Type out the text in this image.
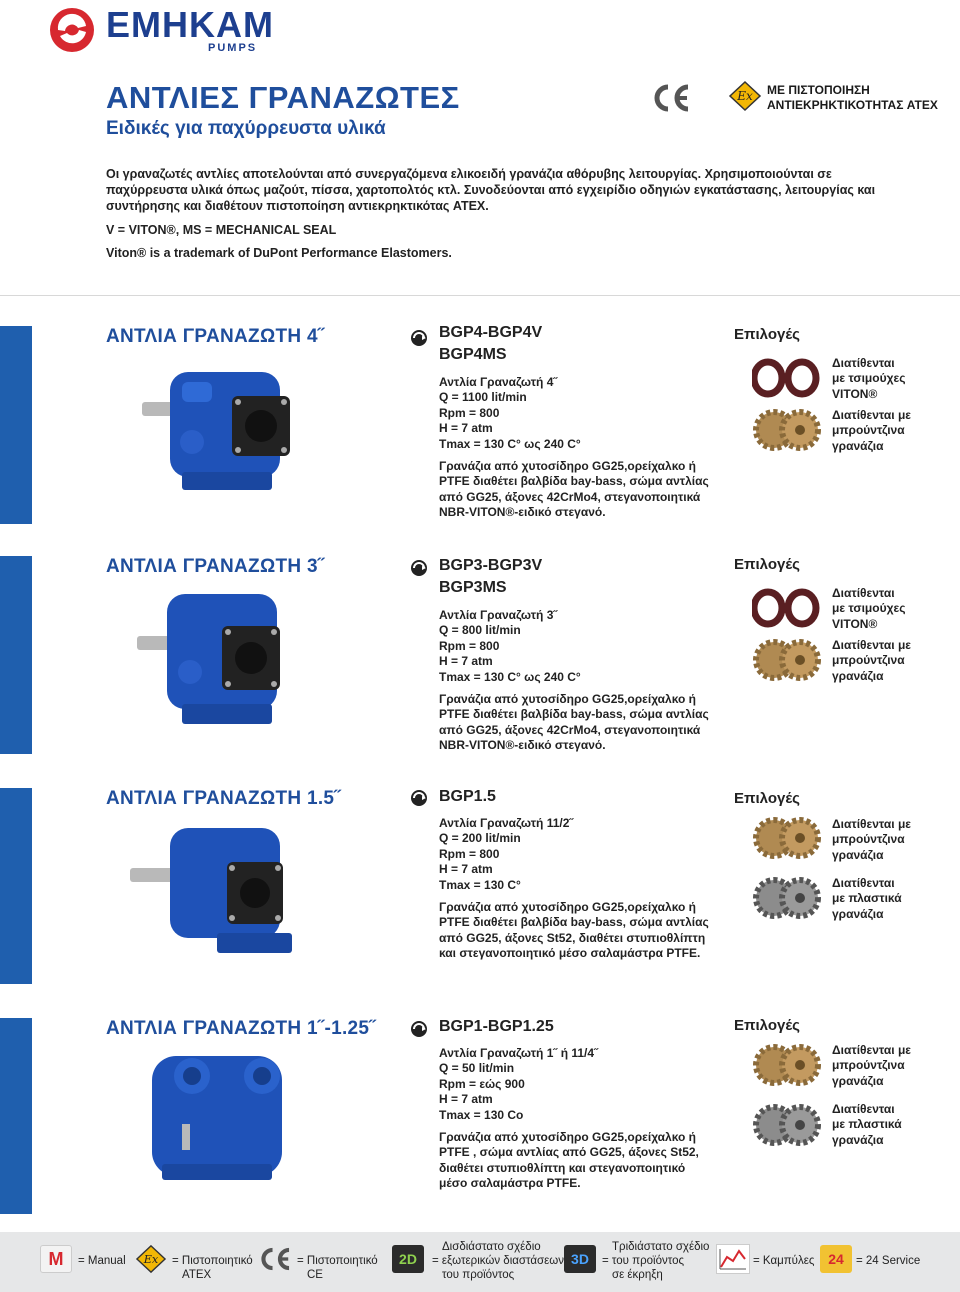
EMHKAM
PUMPS
ΑΝΤΛΙΕΣ ΓΡΑΝΑΖΩΤΕΣ
Ειδικές για παχύρρευστα υλικά
Ex ΜΕ ΠΙΣΤΟΠΟΙΗΣΗ
ΑΝΤΙΕΚΡΗΚΤΙΚΟΤΗΤΑΣ ATEX
Οι γραναζωτές αντλίες αποτελούνται από συνεργαζόμενα ελικοειδή γρανάζια αθόρυβης λειτουργίας. Χρησιμοποιούνται σε παχύρρευστα υλικά όπως μαζούτ, πίσσα, χαρτοπολτός κτλ. Συνοδεύονται από εγχειρίδιο οδηγιών εγκατάστασης, λειτουργίας και συντήρησης και διαθέτουν πιστοποίηση αντιεκρηκτικότας ATEX.
V = VITON®, MS = MECHANICAL SEAL
Viton® is a trademark of DuPont Performance Elastomers.
ΑΝΤΛΙΑ ΓΡΑΝΑΖΩΤΗ 4˝	BGP4-BGP4V
BGP4MS
Αντλία Γραναζωτή 4˝
Q = 1100 lit/min
Rpm = 800
H = 7 atm
Tmax = 130 C° ως 240 C°
Γρανάζια από χυτοσίδηρο GG25,ορείχαλκο ή
PTFE διαθέτει βαλβίδα bay-bass, σώμα αντλίας
από GG25, άξονες 42CrMo4, στεγανοποιητικά
NBR-VITON®-ειδικό στεγανό.
Επιλογές
Διατίθενται
με τσιμούχες
VITON®
Διατίθενται με
μπρούντζινα
γρανάζια
ΑΝΤΛΙΑ ΓΡΑΝΑΖΩΤΗ 3˝	BGP3-BGP3V
BGP3MS
Αντλία Γραναζωτή 3˝
Q = 800 lit/min
Rpm = 800
H = 7 atm
Tmax = 130 C° ως 240 C°
Γρανάζια από χυτοσίδηρο GG25,ορείχαλκο ή
PTFE διαθέτει βαλβίδα bay-bass, σώμα αντλίας
από GG25, άξονες 42CrMo4, στεγανοποιητικά
NBR-VITON®-ειδικό στεγανό.
Επιλογές
Διατίθενται
με τσιμούχες
VITON®
Διατίθενται με
μπρούντζινα
γρανάζια
ΑΝΤΛΙΑ ΓΡΑΝΑΖΩΤΗ 1.5˝	BGP1.5
Αντλία Γραναζωτή 11/2˝
Q = 200 lit/min
Rpm = 800
H = 7 atm
Tmax = 130 C°
Γρανάζια από χυτοσίδηρο GG25,ορείχαλκο ή
PTFE διαθέτει βαλβίδα bay-bass, σώμα αντλίας
από GG25, άξονες St52, διαθέτει στυπιοθλίπτη
και στεγανοποιητικό μέσο σαλαμάστρα PTFE.
Επιλογές
Διατίθενται με
μπρούντζινα
γρανάζια
Διατίθενται
με πλαστικά
γρανάζια
ΑΝΤΛΙΑ ΓΡΑΝΑΖΩΤΗ 1˝-1.25˝	BGP1-BGP1.25
Αντλία Γραναζωτή 1˝ ή 11/4˝
Q = 50 lit/min
Rpm = εώς 900
H = 7 atm
Tmax = 130 Co
Γρανάζια από χυτοσίδηρο GG25,ορείχαλκο ή
PTFE , σώμα αντλίας από GG25, άξονες St52,
διαθέτει στυπιοθλίπτη και στεγανοποιητικό
μέσο σαλαμάστρα PTFE.
Επιλογές
Διατίθενται με
μπρούντζινα
γρανάζια
Διατίθενται
με πλαστικά
γρανάζια
M	= Manual Ex = Πιστοποιητικό
ATEX
= Πιστοποιητικό
CE
2D
Δισδιάστατο σχέδιο
= εξωτερικών διαστάσεων
του προϊόντος
3D
Τριδιάστατο σχέδιο
= του προϊόντος
σε έκρηξη
= Καμπύλες 24	= 24 Service
